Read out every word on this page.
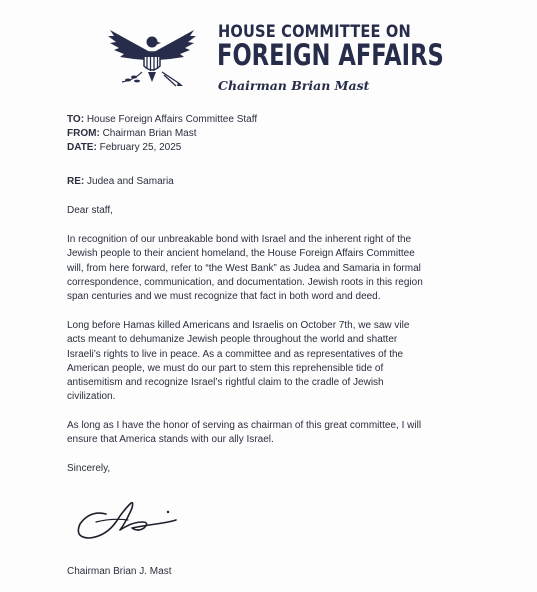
HOUSE COMMITTEE ON
FOREIGN AFFAIRS
Chairman Brian Mast
TO: House Foreign Affairs Committee Staff
FROM: Chairman Brian Mast
DATE: February 25, 2025
RE: Judea and Samaria
Dear staff,
In recognition of our unbreakable bond with Israel and the inherent right of the
Jewish people to their ancient homeland, the House Foreign Affairs Committee
will, from here forward, refer to “the West Bank” as Judea and Samaria in formal
correspondence, communication, and documentation. Jewish roots in this region
span centuries and we must recognize that fact in both word and deed.
Long before Hamas killed Americans and Israelis on October 7th, we saw vile
acts meant to dehumanize Jewish people throughout the world and shatter
Israeli’s rights to live in peace. As a committee and as representatives of the
American people, we must do our part to stem this reprehensible tide of
antisemitism and recognize Israel’s rightful claim to the cradle of Jewish
civilization.
As long as I have the honor of serving as chairman of this great committee, I will
ensure that America stands with our ally Israel.
Sincerely,
Chairman Brian J. Mast
